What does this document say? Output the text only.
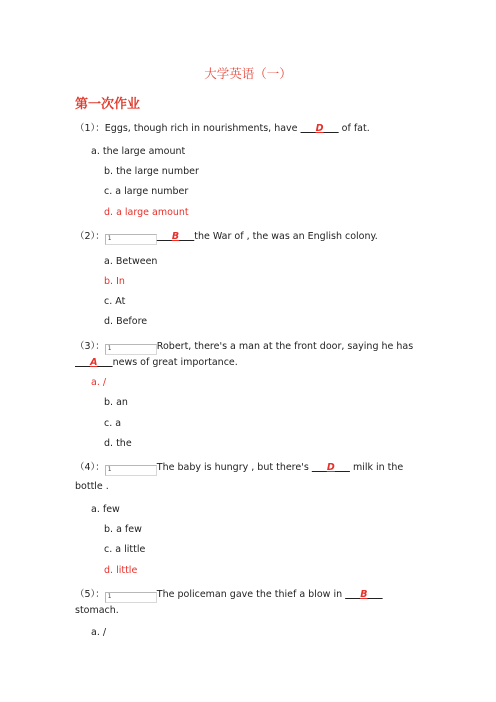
大学英语（一）
第一次作业
（1）：Eggs, though rich in nourishments, have      D      of fat.
a. the large amount
b. the large number
c. a large number
d. a large amount
（2）： 1	B the War of , the was an English colony.
a. Between
b. In
c. At
d. Before
（3）： 1	Robert, there's a man at the front door, saying he has
A news of great importance.
a. /
b. an
c. a
d. the
（4）： 1	The baby is hungry , but there's      D      milk in the
bottle .
a. few
b. a few
c. a little
d. little
（5）： 1	The policeman gave the thief a blow in      B
stomach.
a. /
